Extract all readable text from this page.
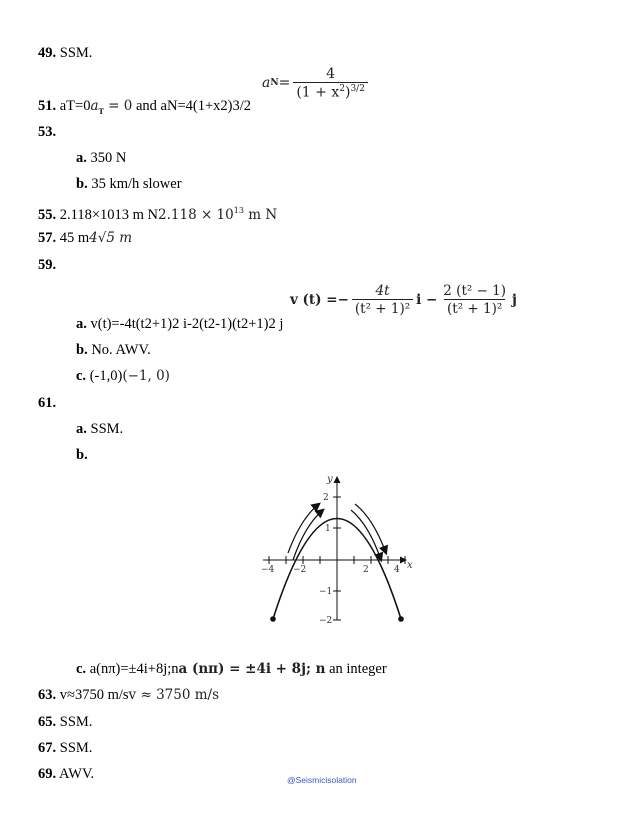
49. SSM.
a $N = \frac{4}{(1 + x^2)^{3/2}}$
51. $aT=0a_T = 0$ and aN=4(1+x2)3/2
53.
a. 350 N
b. 35 km/h slower
55. 2.118×1013 m $N2.118 \times 10^{13}$ m N
57. 45 m4√5 m
59.
v $(t) =- \frac{4t}{\text{(t² + 1)²}}$ $i - \frac{\text{2 (t² − 1)}}{\text{(t² + 1)²}}$ j
a. v(t)=-4t(t2+1)2 i-2(t2-1)(t2+1)2 j
b. No. AWV.
c. (-1,0)(−1, 0)
61.
a. SSM.
b.
−4 −2	2	4
2
1
−1
−2
x
y
c. a(nπ)=±4i+8j;na (nπ) = ±4i + 8j; n an integer
63. v≈3750 m/sv ≈ 3750 m/s
65. SSM.
67. SSM.
69. AWV.	@Seismicisolation
